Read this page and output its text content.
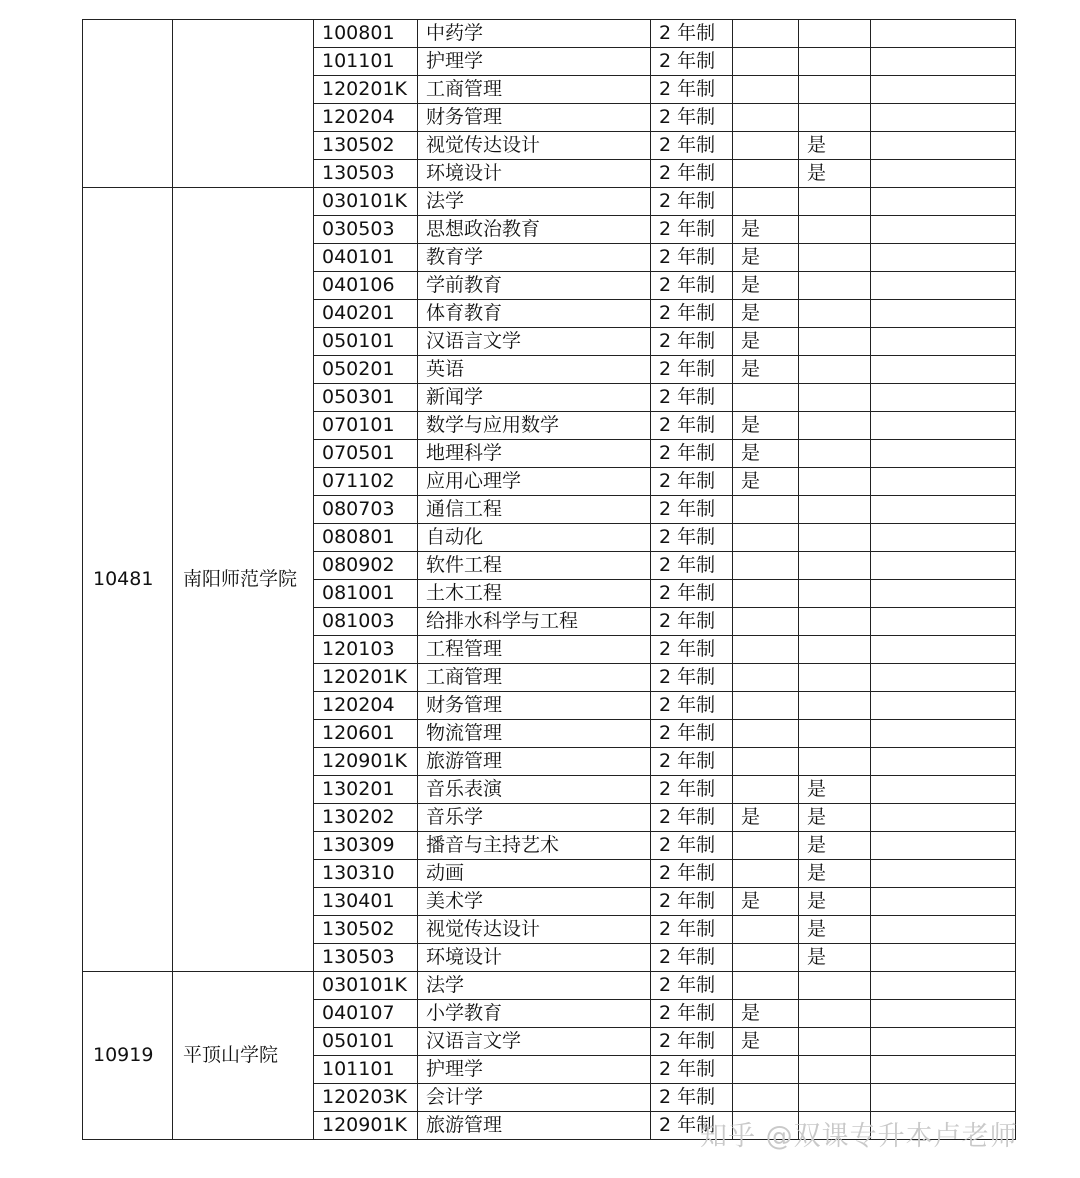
		100801	中药学	2 年制			
		101101	护理学	2 年制			
		120201K	工商管理	2 年制			
		120204	财务管理	2 年制			
		130502	视觉传达设计	2 年制		是	
		130503	环境设计	2 年制		是	
10481	南阳师范学院	030101K	法学	2 年制			
		030503	思想政治教育	2 年制	是		
		040101	教育学	2 年制	是		
		040106	学前教育	2 年制	是		
		040201	体育教育	2 年制	是		
		050101	汉语言文学	2 年制	是		
		050201	英语	2 年制	是		
		050301	新闻学	2 年制			
		070101	数学与应用数学	2 年制	是		
		070501	地理科学	2 年制	是		
		071102	应用心理学	2 年制	是		
		080703	通信工程	2 年制			
		080801	自动化	2 年制			
		080902	软件工程	2 年制			
		081001	土木工程	2 年制			
		081003	给排水科学与工程	2 年制			
		120103	工程管理	2 年制			
		120201K	工商管理	2 年制			
		120204	财务管理	2 年制			
		120601	物流管理	2 年制			
		120901K	旅游管理	2 年制			
		130201	音乐表演	2 年制		是	
		130202	音乐学	2 年制	是	是	
		130309	播音与主持艺术	2 年制		是	
		130310	动画	2 年制		是	
		130401	美术学	2 年制	是	是	
		130502	视觉传达设计	2 年制		是	
		130503	环境设计	2 年制		是	
10919	平顶山学院	030101K	法学	2 年制			
		040107	小学教育	2 年制	是		
		050101	汉语言文学	2 年制	是		
		101101	护理学	2 年制			
		120203K	会计学	2 年制			
		120901K	旅游管理	2 年制			
知乎 @双课专升本卢老师
